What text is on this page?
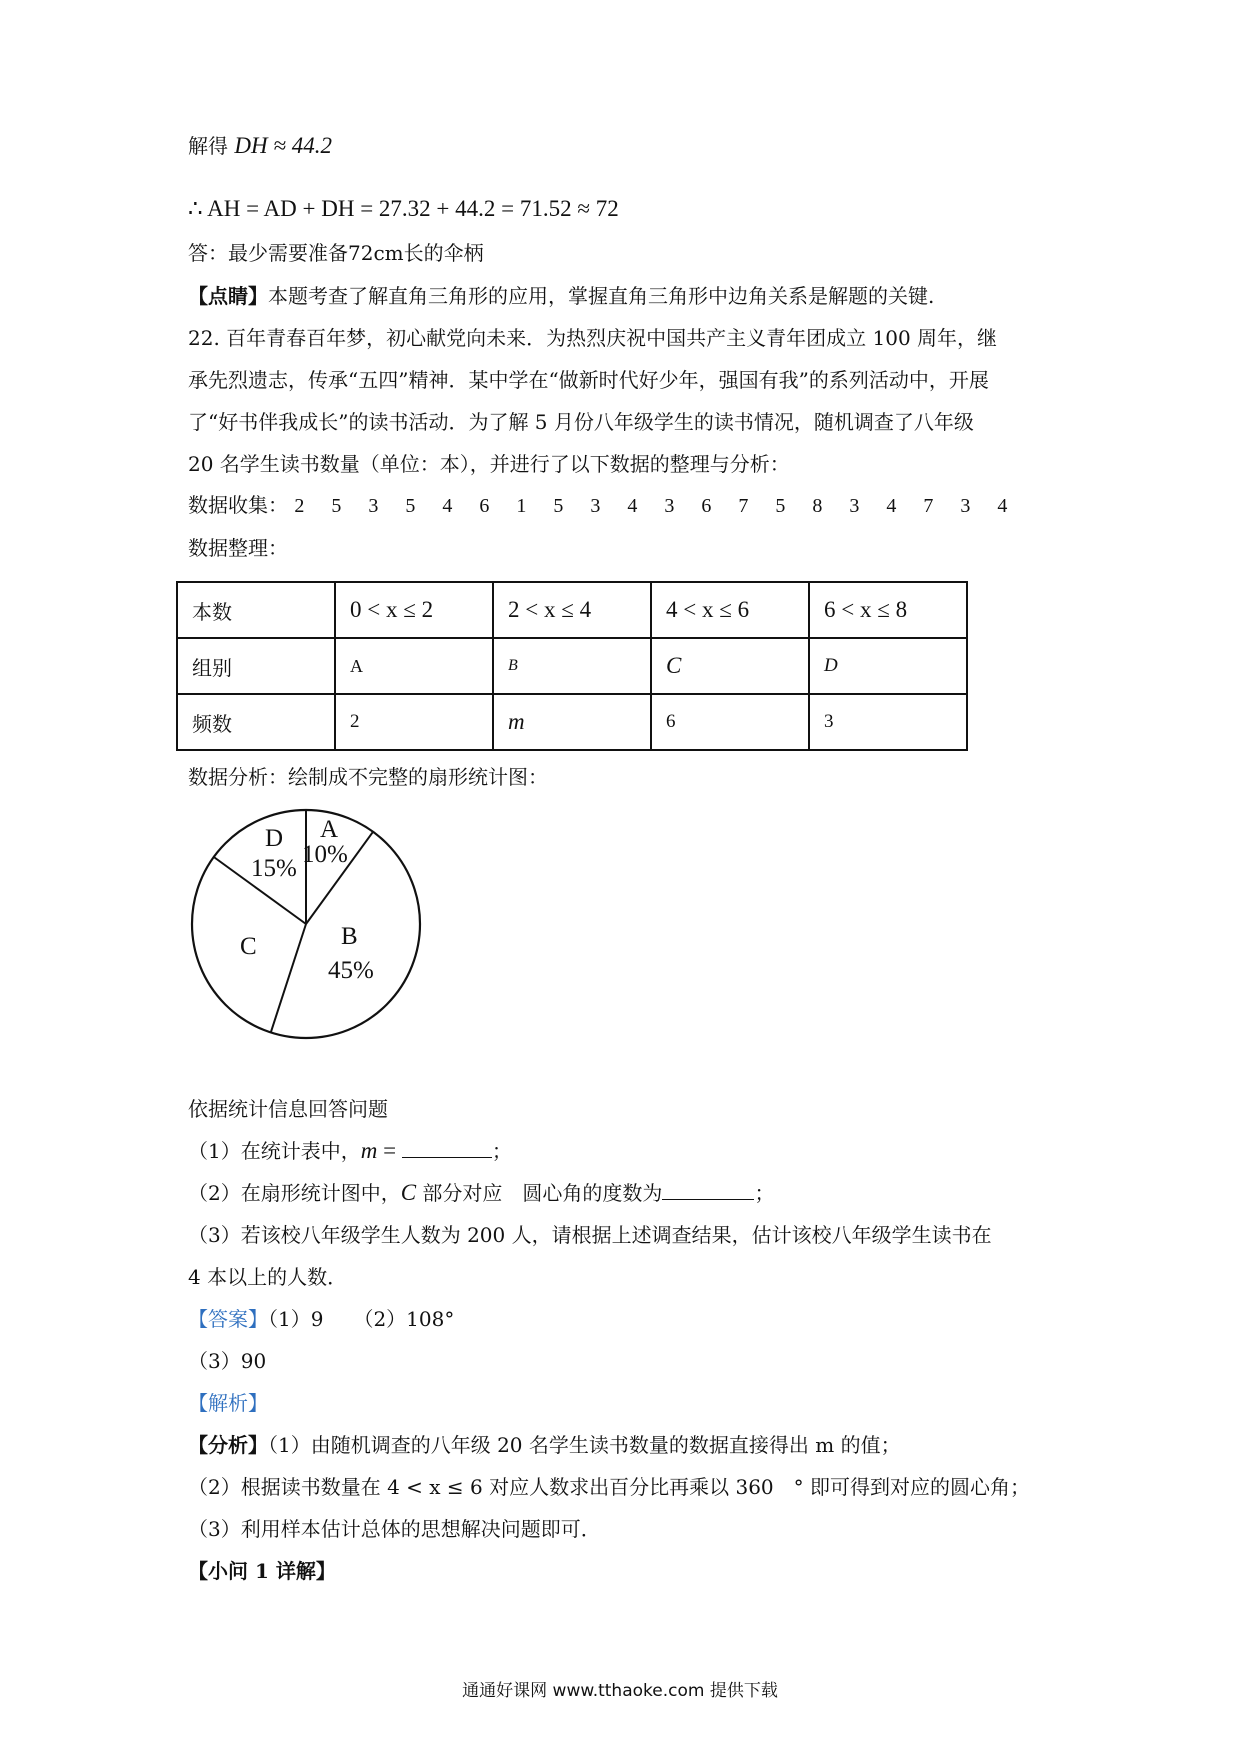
解得 DH ≈ 44.2
∴ AH = AD + DH = 27.32 + 44.2 = 71.52 ≈ 72
答：最少需要准备72cm长的伞柄
【点睛】本题考查了解直角三角形的应用，掌握直角三角形中边角关系是解题的关键.
22. 百年青春百年梦，初心献党向未来．为热烈庆祝中国共产主义青年团成立 100 周年，继
承先烈遗志，传承“五四”精神．某中学在“做新时代好少年，强国有我”的系列活动中，开展
了“好书伴我成长”的读书活动．为了解 5 月份八年级学生的读书情况，随机调查了八年级
20 名学生读书数量（单位：本），并进行了以下数据的整理与分析：
数据收集： 2 5 3 5 4 6 1 5 3 4 3 6 7 5 8 3 4 7 3 4
数据整理：
本数	0 < x ≤ 2	2 < x ≤ 4	4 < x ≤ 6	6 < x ≤ 8
组别	A	B	C	D
频数	2	m	6	3
数据分析：绘制成不完整的扇形统计图：
A
10%
D
15%
B
45%
C
依据统计信息回答问题
（1）在统计表中，m =	；
（2）在扇形统计图中，C 部分对应　圆心角的度数为	；
（3）若该校八年级学生人数为 200 人，请根据上述调查结果，估计该校八年级学生读书在
4 本以上的人数．
【答案】（1）9　　（2）108°
（3）90
【解析】
【分析】（1）由随机调查的八年级 20 名学生读书数量的数据直接得出 m 的值；
（2）根据读书数量在 4 < x ≤ 6 对应人数求出百分比再乘以 360　° 即可得到对应的圆心角；
（3）利用样本估计总体的思想解决问题即可．
【小问 1 详解】
通通好课网 www.tthaoke.com 提供下载
